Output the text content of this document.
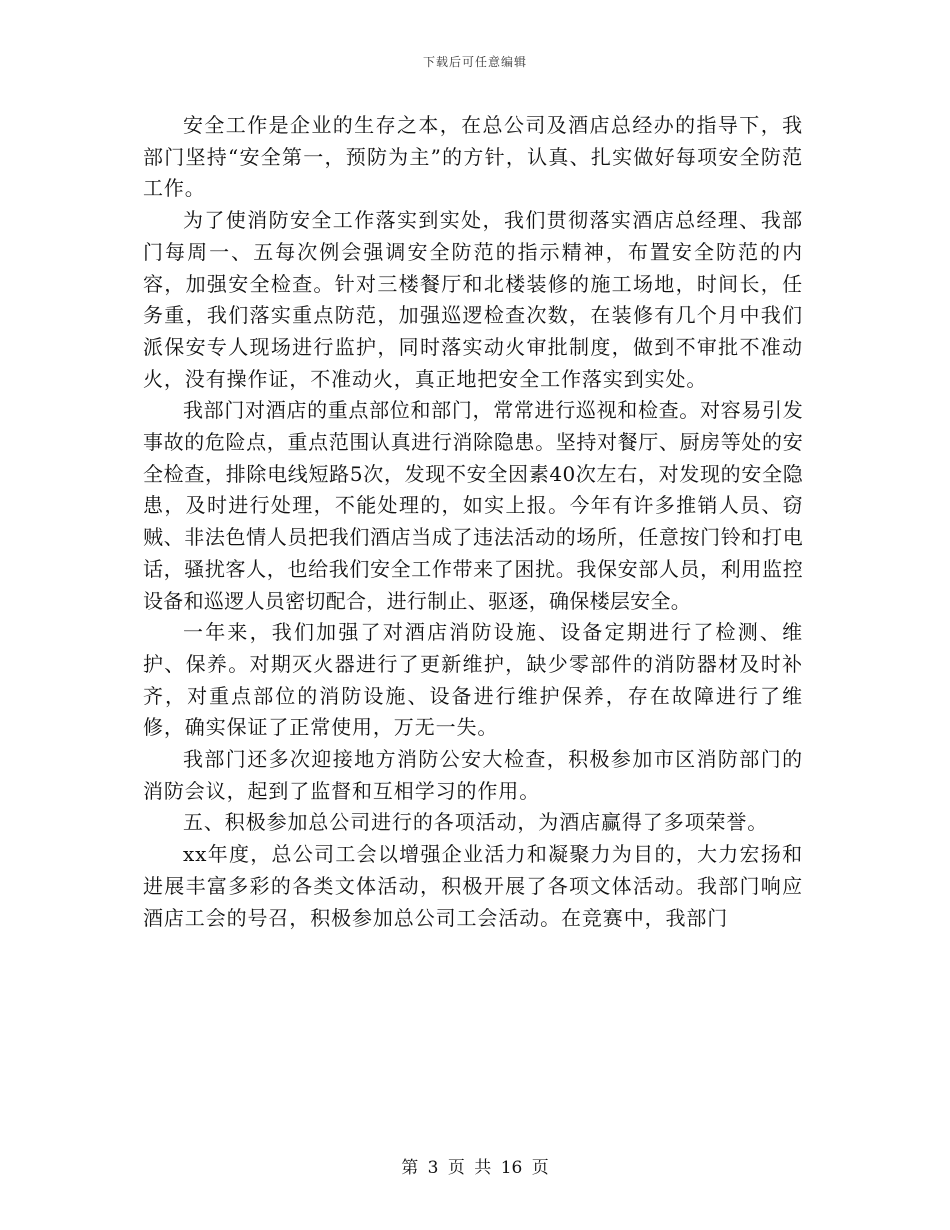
下载后可任意编辑

安全工作是企业的生存之本，在总公司及酒店总经办的指导下，我部门坚持“安全第一，预防为主”的方针，认真、扎实做好每项安全防范工作。

为了使消防安全工作落实到实处，我们贯彻落实酒店总经理、我部门每周一、五每次例会强调安全防范的指示精神，布置安全防范的内容，加强安全检查。针对三楼餐厅和北楼装修的施工场地，时间长，任务重，我们落实重点防范，加强巡逻检查次数，在装修有几个月中我们派保安专人现场进行监护，同时落实动火审批制度，做到不审批不准动火，没有操作证，不准动火，真正地把安全工作落实到实处。

我部门对酒店的重点部位和部门，常常进行巡视和检查。对容易引发事故的危险点，重点范围认真进行消除隐患。坚持对餐厅、厨房等处的安全检查，排除电线短路5次，发现不安全因素40次左右，对发现的安全隐患，及时进行处理，不能处理的，如实上报。今年有许多推销人员、窃贼、非法色情人员把我们酒店当成了违法活动的场所，任意按门铃和打电话，骚扰客人，也给我们安全工作带来了困扰。我保安部人员，利用监控设备和巡逻人员密切配合，进行制止、驱逐，确保楼层安全。

一年来，我们加强了对酒店消防设施、设备定期进行了检测、维护、保养。对期灭火器进行了更新维护，缺少零部件的消防器材及时补齐，对重点部位的消防设施、设备进行维护保养，存在故障进行了维修，确实保证了正常使用，万无一失。

我部门还多次迎接地方消防公安大检查，积极参加市区消防部门的消防会议，起到了监督和互相学习的作用。

五、积极参加总公司进行的各项活动，为酒店赢得了多项荣誉。

xx年度，总公司工会以增强企业活力和凝聚力为目的，大力宏扬和进展丰富多彩的各类文体活动，积极开展了各项文体活动。我部门响应酒店工会的号召，积极参加总公司工会活动。在竞赛中，我部门

第 3 页 共 16 页
